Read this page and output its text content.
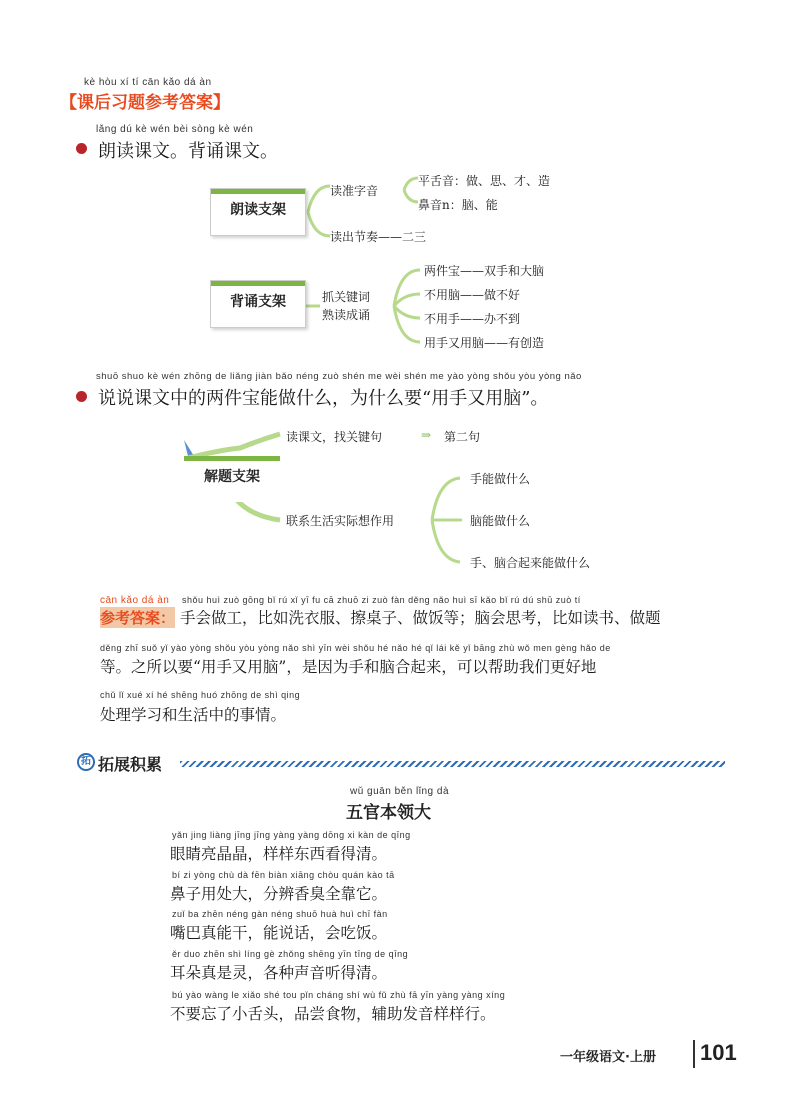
kè hòu xí tí cān kǎo dá àn
【课后习题参考答案】
lǎng dú kè wén bèi sòng kè wén
朗读课文。背诵课文。
朗读支架
读准字音
平舌音：做、思、才、造
鼻音n：脑、能
读出节奏——二三
背诵支架	抓关键词
熟读成诵
两件宝——双手和大脑
不用脑——做不好
不用手——办不到
用手又用脑——有创造
shuō shuo kè wén zhōng de liǎng jiàn bǎo néng zuò shén me wèi shén me yào yòng shǒu yòu yòng nǎo
说说课文中的两件宝能做什么，为什么要“用手又用脑”。
解题支架
读课文，找关键句	⇒ 第二句
联系生活实际想作用
手能做什么
脑能做什么
手、脑合起来能做什么
cān kǎo dá àn shǒu huì zuò gōng bǐ rú xǐ yī fu cā zhuō zi zuò fàn děng nǎo huì sī kǎo bǐ rú dú shū zuò tí
参考答案： 手会做工，比如洗衣服、擦桌子、做饭等；脑会思考，比如读书、做题
děng zhī suǒ yǐ yào yòng shǒu yòu yòng nǎo shì yīn wèi shǒu hé nǎo hé qǐ lái kě yǐ bāng zhù wǒ men gèng hǎo de
等。之所以要“用手又用脑”，是因为手和脑合起来，可以帮助我们更好地
chǔ lǐ xué xí hé shēng huó zhōng de shì qing
处理学习和生活中的事情。
拓 拓展积累
wǔ guān běn lǐng dà
五官本领大
yǎn jing liàng jīng jīng yàng yàng dōng xi kàn de qīng
眼睛亮晶晶，样样东西看得清。
bí zi yòng chù dà fēn biàn xiāng chòu quán kào tā
鼻子用处大，分辨香臭全靠它。
zuǐ ba zhēn néng gàn néng shuō huà huì chī fàn
嘴巴真能干，能说话，会吃饭。
ěr duo zhēn shì líng gè zhǒng shēng yīn tīng de qīng
耳朵真是灵，各种声音听得清。
bú yào wàng le xiǎo shé tou pǐn cháng shí wù fǔ zhù fā yīn yàng yàng xíng
不要忘了小舌头，品尝食物，辅助发音样样行。
一年级语文·上册 101
